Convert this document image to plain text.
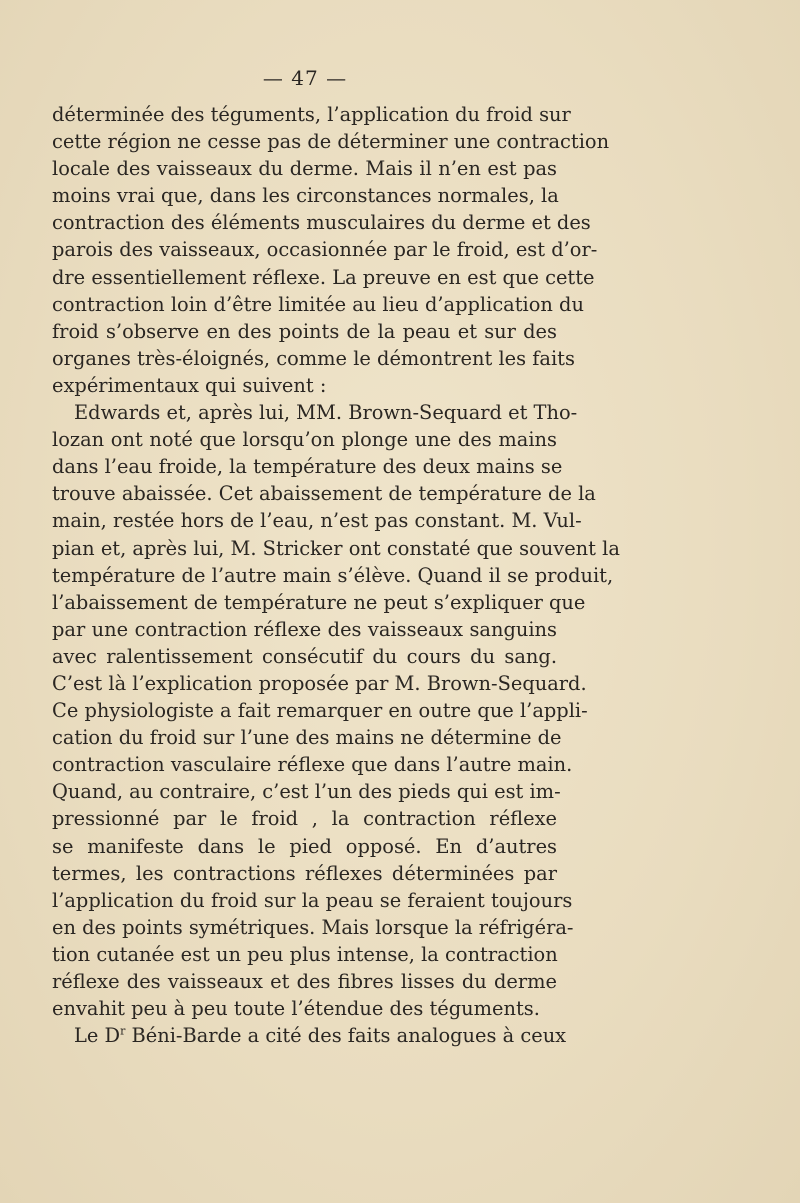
— 47 —
déterminée des téguments, l’application du froid sur
cette région ne cesse pas de déterminer une contraction
locale des vaisseaux du derme. Mais il n’en est pas
moins vrai que, dans les circonstances normales, la
contraction des éléments musculaires du derme et des
parois des vaisseaux, occasionnée par le froid, est d’or-
dre essentiellement réflexe. La preuve en est que cette
contraction loin d’être limitée au lieu d’application du
froid s’observe en des points de la peau et sur des
organes très-éloignés, comme le démontrent les faits
expérimentaux qui suivent :
Edwards et, après lui, MM. Brown-Sequard et Tho-
lozan ont noté que lorsqu’on plonge une des mains
dans l’eau froide, la température des deux mains se
trouve abaissée. Cet abaissement de température de la
main, restée hors de l’eau, n’est pas constant. M. Vul-
pian et, après lui, M. Stricker ont constaté que souvent la
température de l’autre main s’élève. Quand il se produit,
l’abaissement de température ne peut s’expliquer que
par une contraction réflexe des vaisseaux sanguins
avec ralentissement consécutif du cours du sang.
C’est là l’explication proposée par M. Brown-Sequard.
Ce physiologiste a fait remarquer en outre que l’appli-
cation du froid sur l’une des mains ne détermine de
contraction vasculaire réflexe que dans l’autre main.
Quand, au contraire, c’est l’un des pieds qui est im-
pressionné par le froid , la contraction réflexe
se manifeste dans le pied opposé. En d’autres
termes, les contractions réflexes déterminées par
l’application du froid sur la peau se feraient toujours
en des points symétriques. Mais lorsque la réfrigéra-
tion cutanée est un peu plus intense, la contraction
réflexe des vaisseaux et des fibres lisses du derme
envahit peu à peu toute l’étendue des téguments.
Le $D^r$ Béni-Barde a cité des faits analogues à ceux
